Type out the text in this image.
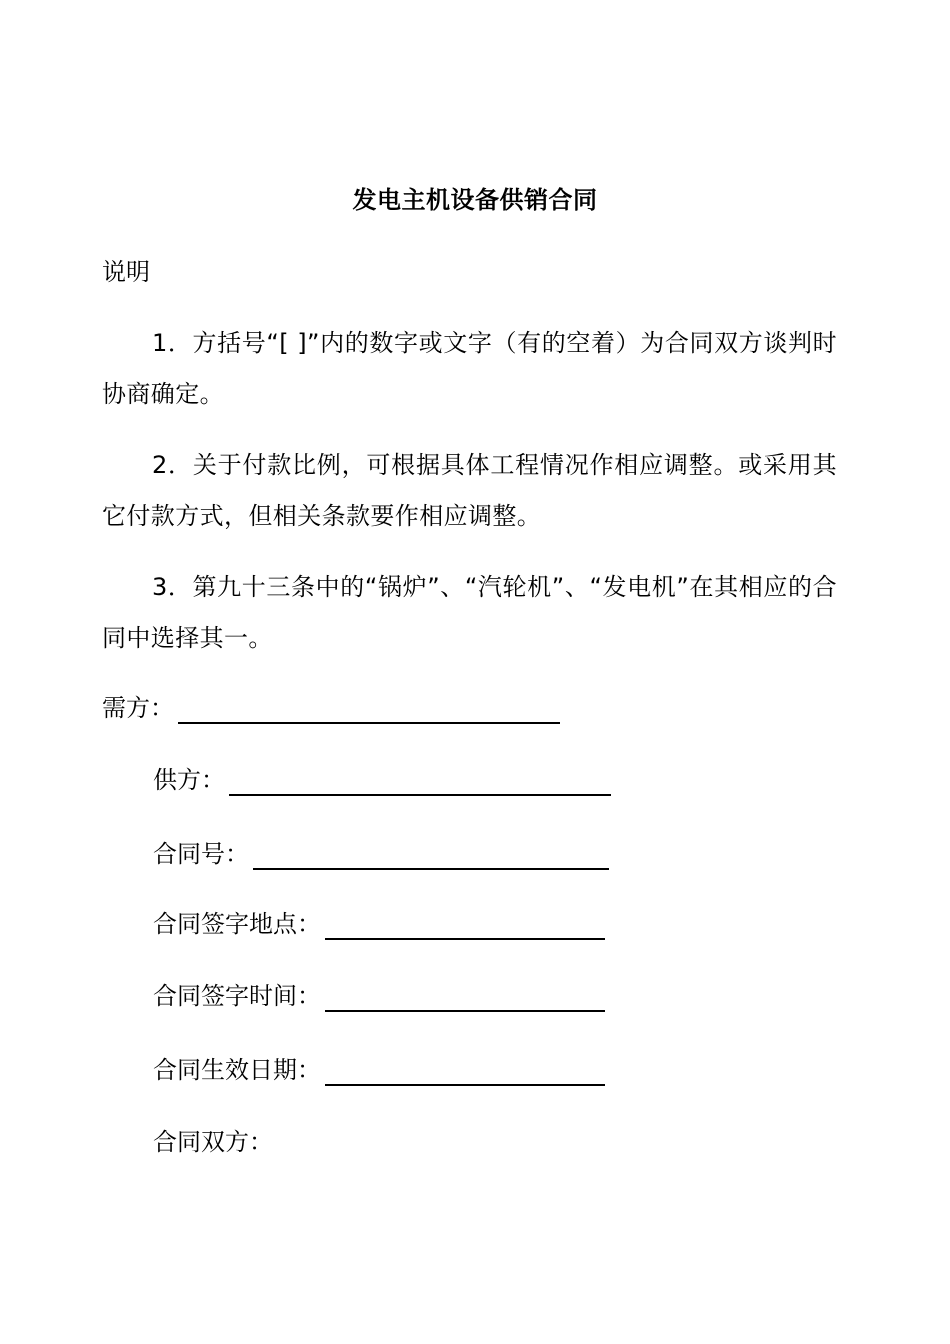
发电主机设备供销合同
说明
1．方括号“[ ]”内的数字或文字（有的空着）为合同双方谈判时协商确定。
2．关于付款比例，可根据具体工程情况作相应调整。或采用其它付款方式，但相关条款要作相应调整。
3．第九十三条中的“锅炉”、“汽轮机”、“发电机”在其相应的合同中选择其一。
需方：
供方：
合同号：
合同签字地点：
合同签字时间：
合同生效日期：
合同双方：
